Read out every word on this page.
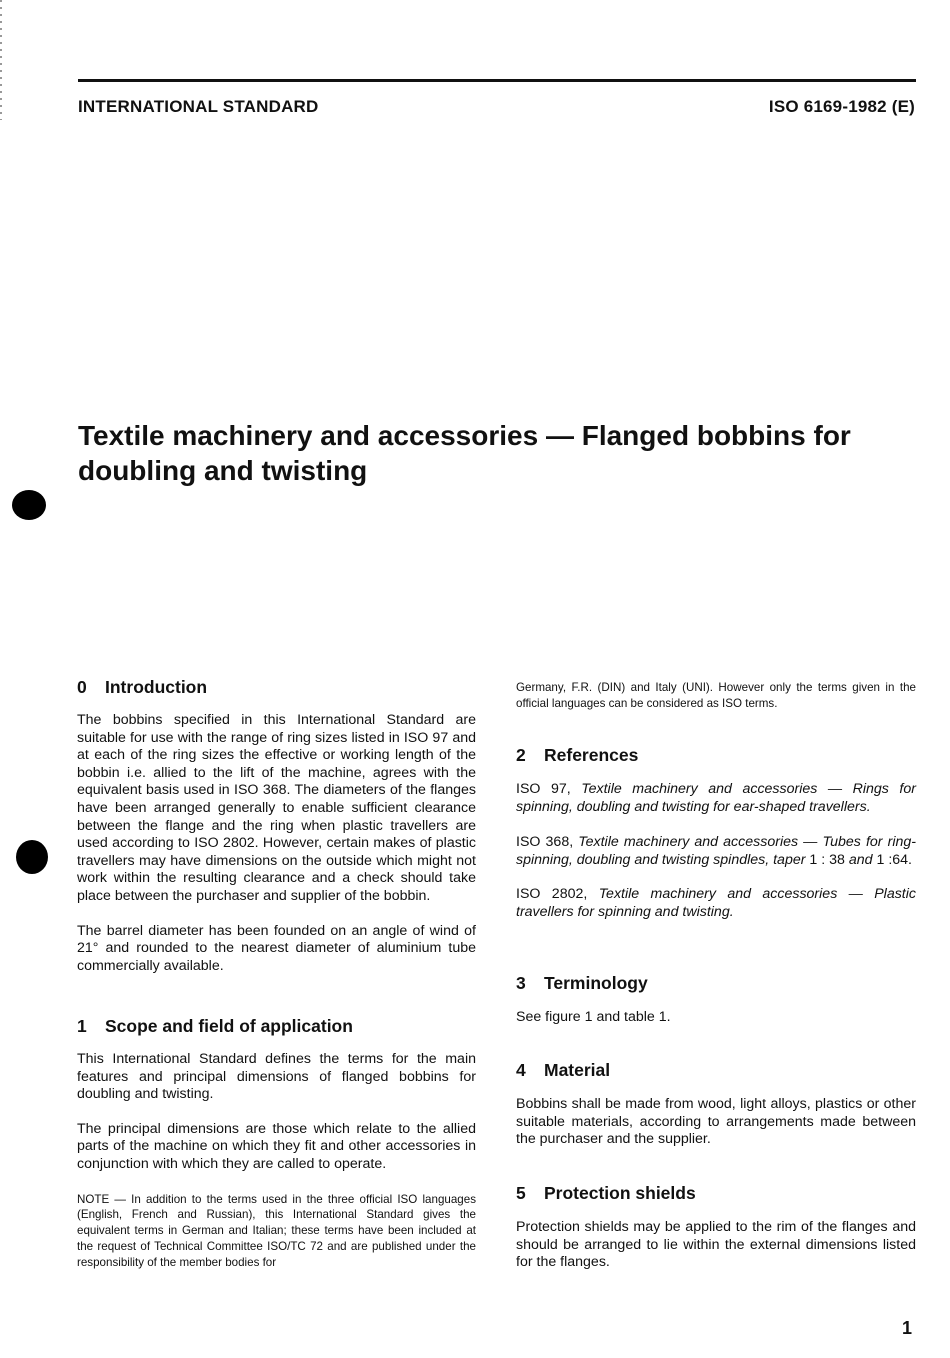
INTERNATIONAL STANDARD	ISO 6169-1982 (E)
Textile machinery and accessories — Flanged bobbins for
doubling and twisting
0 Introduction

The bobbins specified in this International Standard are suitable for use with the range of ring sizes listed in ISO 97 and at each of the ring sizes the effective or working length of the bobbin i.e. allied to the lift of the machine, agrees with the equivalent basis used in ISO 368. The diameters of the flanges have been arranged generally to enable sufficient clearance between the flange and the ring when plastic travellers are used according to ISO 2802. However, certain makes of plastic travellers may have dimensions on the outside which might not work within the resulting clearance and a check should take place between the purchaser and supplier of the bobbin.

The barrel diameter has been founded on an angle of wind of 21° and rounded to the nearest diameter of aluminium tube commercially available.

1 Scope and field of application

This International Standard defines the terms for the main features and principal dimensions of flanged bobbins for doubling and twisting.

The principal dimensions are those which relate to the allied parts of the machine on which they fit and other accessories in conjunction with which they are called to operate.

NOTE — In addition to the terms used in the three official ISO languages (English, French and Russian), this International Standard gives the equivalent terms in German and Italian; these terms have been included at the request of Technical Committee ISO/TC 72 and are published under the responsibility of the member bodies for

Germany, F.R. (DIN) and Italy (UNI). However only the terms given in the official languages can be considered as ISO terms.

2 References

ISO 97, Textile machinery and accessories — Rings for spinning, doubling and twisting for ear-shaped travellers.

ISO 368, Textile machinery and accessories — Tubes for ring-spinning, doubling and twisting spindles, taper 1 : 38 and 1 :64.

ISO 2802, Textile machinery and accessories — Plastic travellers for spinning and twisting.

3 Terminology

See figure 1 and table 1.

4 Material

Bobbins shall be made from wood, light alloys, plastics or other suitable materials, according to arrangements made between the purchaser and the supplier.

5 Protection shields

Protection shields may be applied to the rim of the flanges and should be arranged to lie within the external dimensions listed for the flanges.

1
